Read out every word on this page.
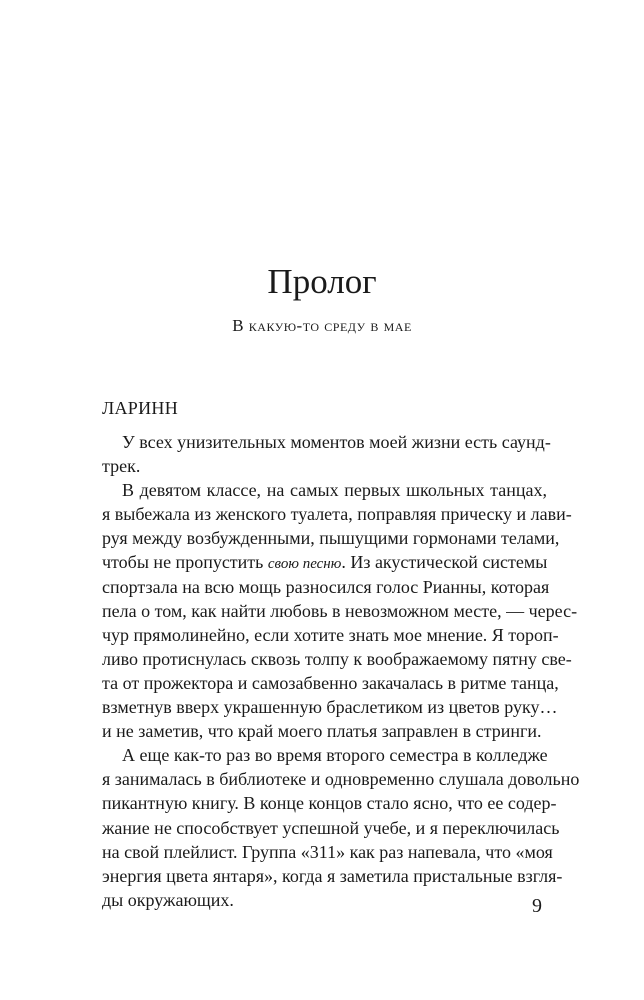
Пролог
В какую-то среду в мае
ЛАРИНН
У всех унизительных моментов моей жизни есть саунд-
трек.
В девятом классе, на самых первых школьных танцах,
я выбежала из женского туалета, поправляя прическу и лави-
руя между возбужденными, пышущими гормонами телами,
чтобы не пропустить свою песню. Из акустической системы
спортзала на всю мощь разносился голос Рианны, которая
пела о том, как найти любовь в невозможном месте, — черес-
чур прямолинейно, если хотите знать мое мнение. Я тороп-
ливо протиснулась сквозь толпу к воображаемому пятну све-
та от прожектора и самозабвенно закачалась в ритме танца,
взметнув вверх украшенную браслетиком из цветов руку…
и не заметив, что край моего платья заправлен в стринги.
А еще как-то раз во время второго семестра в колледже
я занималась в библиотеке и одновременно слушала довольно
пикантную книгу. В конце концов стало ясно, что ее содер-
жание не способствует успешной учебе, и я переключилась
на свой плейлист. Группа «311» как раз напевала, что «моя
энергия цвета янтаря», когда я заметила пристальные взгля-
ды окружающих.	9
